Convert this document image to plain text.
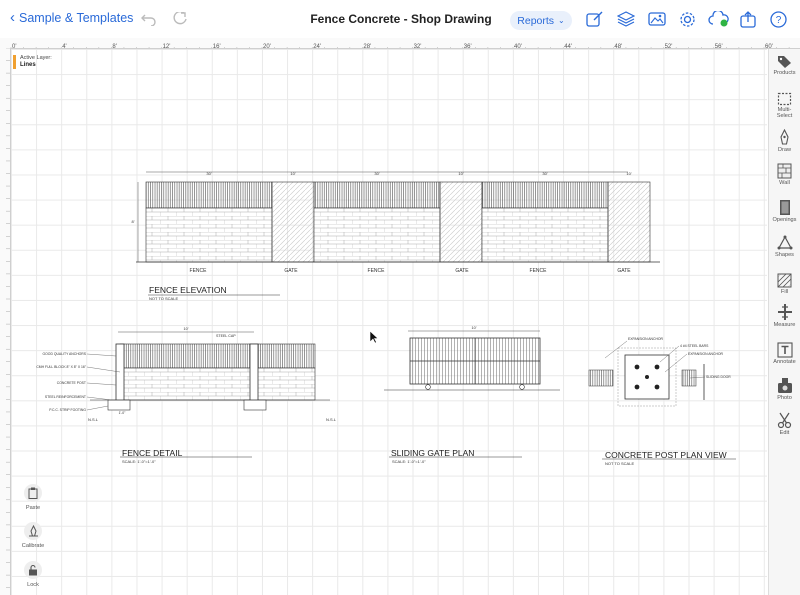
‹ Sample & Templates	Fence Concrete - Shop Drawing	Reports ⌄	?
0'	4'	8'	12'	16'	20'	24'	28'	32'	36'	40'	44'	48'	52'	56'	60'
Active Layer:
Lines
8'
30'	10'	30'	10'	30'	10'
FENCE	GATE	FENCE	GATE	FENCE	GATE
FENCE ELEVATION
NOT TO SCALE
10'
STEEL CAP
GOOD QUALITY ANCHORS
CMH FULL BLOCK 8" X 8" X 16"
CONCRETE POST
STEEL REINFORCEMENT
P.C.C. STRIP FOOTING
N.S.L	N.S.L
1'-0"
FENCE DETAIL
SCALE: 1'-0"=1'-0"
10'
SLIDING GATE PLAN
SCALE: 1'-0"=1'-0"
EXPANSION ANCHOR
4 #4 STEEL BARS
EXPANSION ANCHOR
SLIDING DOOR
CONCRETE POST PLAN VIEW
NOT TO SCALE
Products
Multi-
Select
Draw
Wall
Openings
Shapes
Fill
Measure
Annotate
Photo
Edit
Paste
Calibrate
Lock
